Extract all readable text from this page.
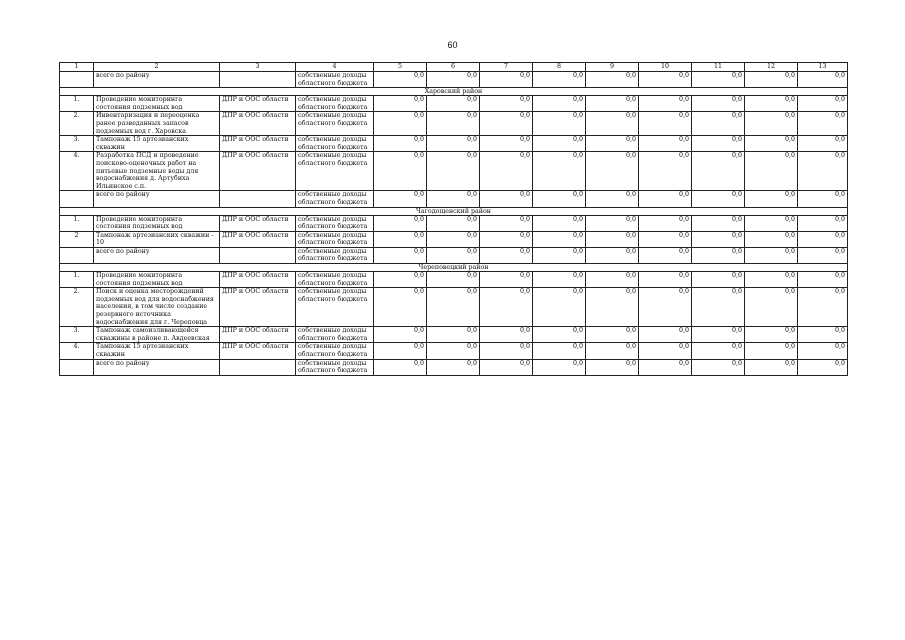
60
1	2	3	4	5	6	7	8	9	10	11	12	13
	всего по району		собственные доходы областного бюджета	0,0	0,0	0,0	0,0	0,0	0,0	0,0	0,0	0,0
Харовский район												
1.	Проведение мониторинга состояния подземных вод	ДПР и ООС области	собственные доходы областного бюджета	0,0	0,0	0,0	0,0	0,0	0,0	0,0	0,0	0,0
2.	Инвентаризация и переоценка ранее разведанных запасов подземных вод г. Харовска	ДПР и ООС области	собственные доходы областного бюджета	0,0	0,0	0,0	0,0	0,0	0,0	0,0	0,0	0,0
3.	Тампонаж 15 артезианских скважин	ДПР и ООС области	собственные доходы областного бюджета	0,0	0,0	0,0	0,0	0,0	0,0	0,0	0,0	0,0
4.	Разработка ПСД и проведение поисково-оценочных работ на питьевые подземные воды для водоснабжения д. Артубиха Ильинское с.п.	ДПР и ООС области	собственные доходы областного бюджета	0,0	0,0	0,0	0,0	0,0	0,0	0,0	0,0	0,0
	всего по району		собственные доходы областного бюджета	0,0	0,0	0,0	0,0	0,0	0,0	0,0	0,0	0,0
Чагодощенский район												
1.	Проведение мониторинга состояния подземных вод	ДПР и ООС области	собственные доходы областного бюджета	0,0	0,0	0,0	0,0	0,0	0,0	0,0	0,0	0,0
2	Тампонаж артезианских скважин - 10	ДПР и ООС области	собственные доходы областного бюджета	0,0	0,0	0,0	0,0	0,0	0,0	0,0	0,0	0,0
	всего по району		собственные доходы областного бюджета	0,0	0,0	0,0	0,0	0,0	0,0	0,0	0,0	0,0
Череповецкий район												
1.	Проведение мониторинга состояния подземных вод	ДПР и ООС области	собственные доходы областного бюджета	0,0	0,0	0,0	0,0	0,0	0,0	0,0	0,0	0,0
2.	Поиск и оценка месторождений подземных вод для водоснабжения населения, в том числе создание резервного источника водоснабжения для г. Череповца	ДПР и ООС области	собственные доходы областного бюджета	0,0	0,0	0,0	0,0	0,0	0,0	0,0	0,0	0,0
3.	Тампонаж самоизливающейся скважины в районе п. Авдеевская	ДПР и ООС области	собственные доходы областного бюджета	0,0	0,0	0,0	0,0	0,0	0,0	0,0	0,0	0,0
4.	Тампонаж 15 артезианских скважин	ДПР и ООС области	собственные доходы областного бюджета	0,0	0,0	0,0	0,0	0,0	0,0	0,0	0,0	0,0
	всего по району		собственные доходы областного бюджета	0,0	0,0	0,0	0,0	0,0	0,0	0,0	0,0	0,0
